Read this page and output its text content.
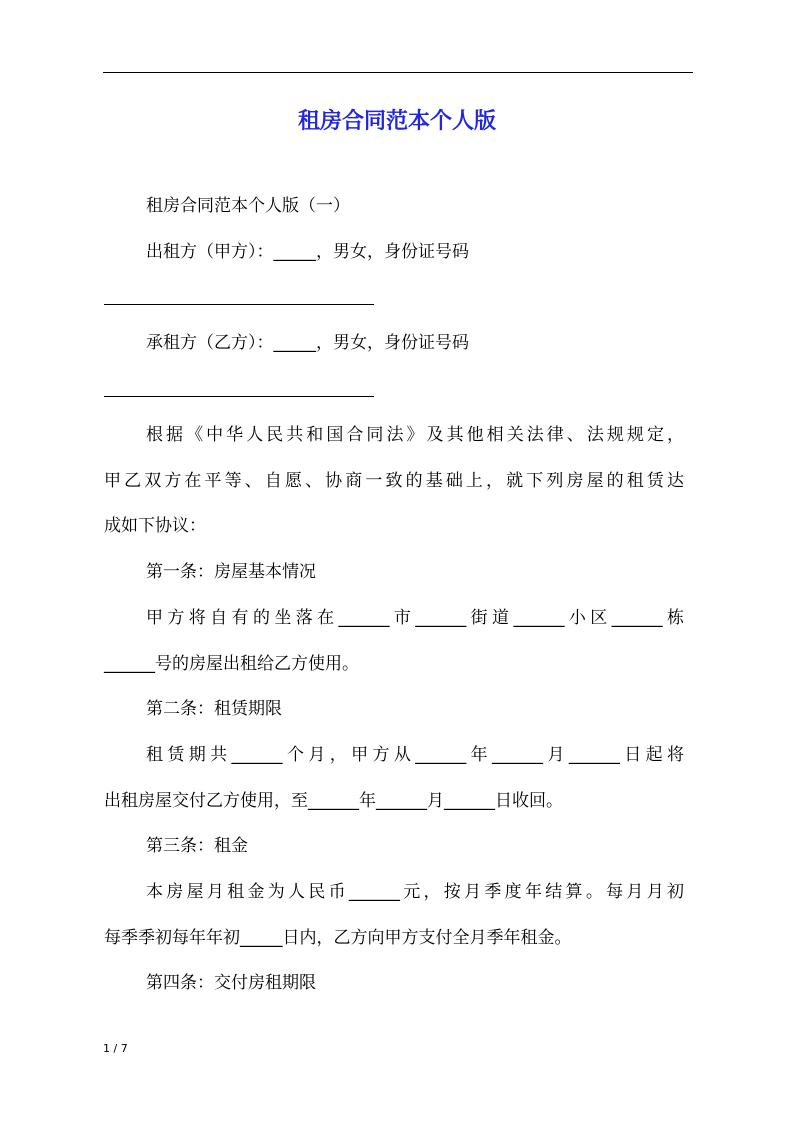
租房合同范本个人版
租房合同范本个人版（一）
出租方（甲方）：_____，男女，身份证号码
承租方（乙方）：_____，男女，身份证号码
根据《中华人民共和国合同法》及其他相关法律、法规规定，
甲乙双方在平等、自愿、协商一致的基础上，就下列房屋的租赁达
成如下协议：
第一条：房屋基本情况
甲方将自有的坐落在______市______街道______小区______栋
______号的房屋出租给乙方使用。
第二条：租赁期限
租赁期共______个月，甲方从______年______月______日起将
出租房屋交付乙方使用，至______年______月______日收回。
第三条：租金
本房屋月租金为人民币______元，按月季度年结算。每月月初
每季季初每年年初_____日内，乙方向甲方支付全月季年租金。
第四条：交付房租期限
1 / 7
